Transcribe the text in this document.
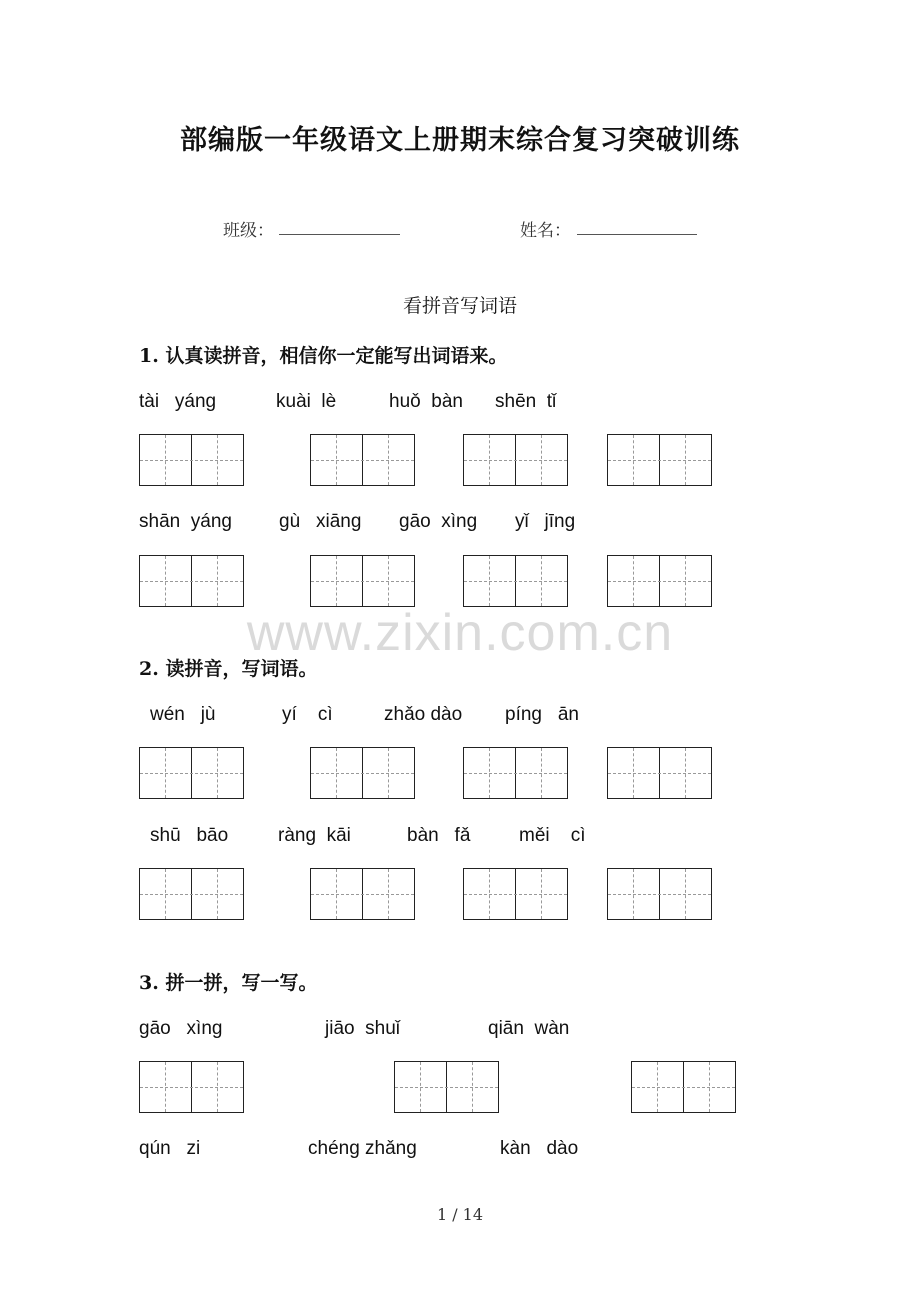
部编版一年级语文上册期末综合复习突破训练
班级：	姓名：
看拼音写词语
1. 认真读拼音，相信你一定能写出词语来。
tài   yáng	kuài  lè	huǒ  bàn shēn  tǐ
shān  yáng gù   xiāng gāo  xìng yǐ   jīng
www.zixin.com.cn
2. 读拼音，写词语。
wén   jù	yí    cì	zhǎo dào píng   ān
shū   bāo	ràng  kāi	bàn   fǎ	měi    cì
3. 拼一拼，写一写。
gāo   xìng	jiāo  shuǐ	qiān  wàn
qún   zi	chéng zhǎng	kàn   dào
1 / 14
